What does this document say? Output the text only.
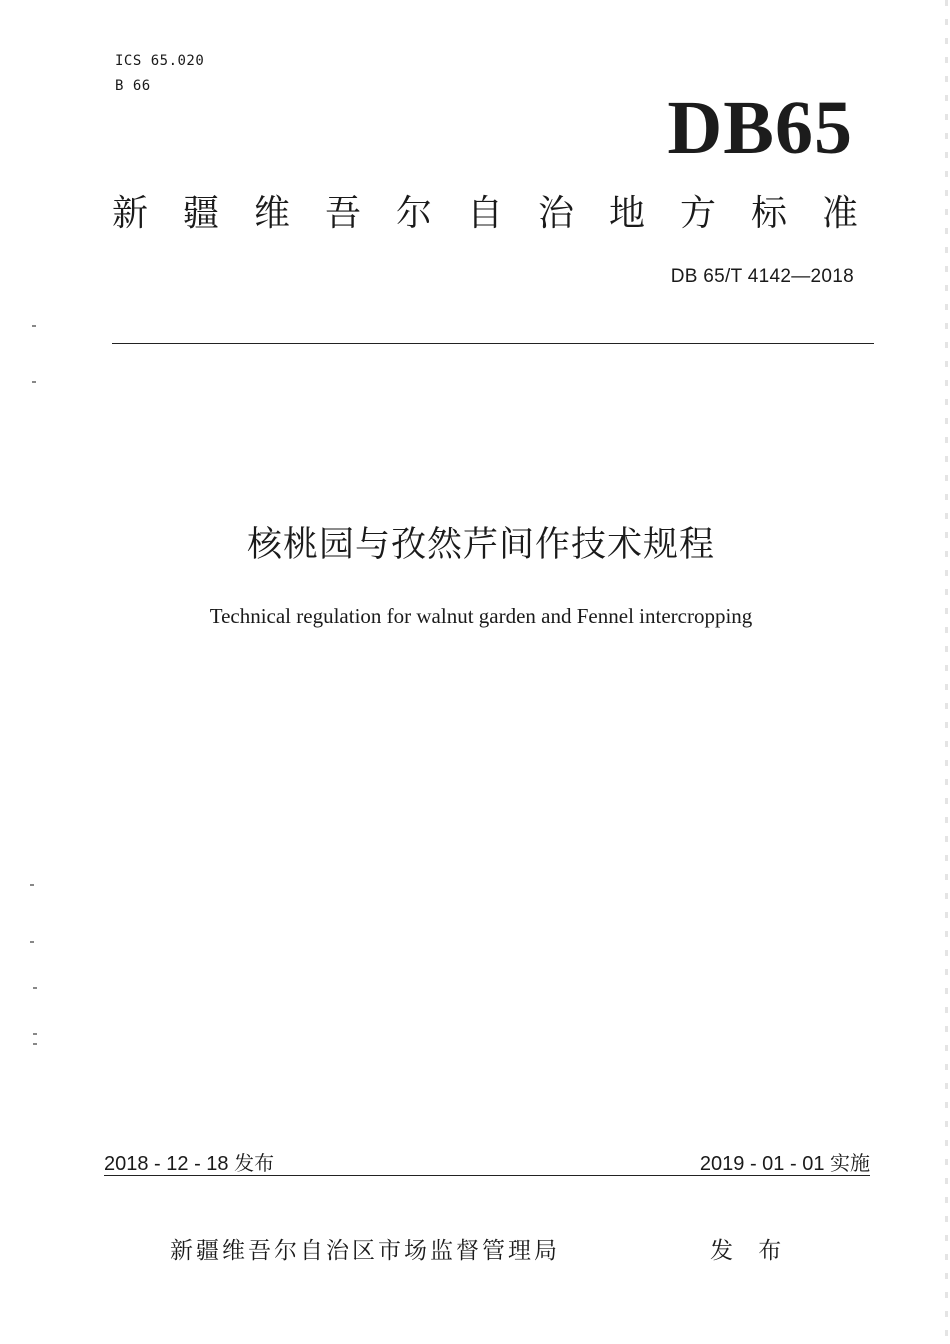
ICS 65.020
B 66	DB65
新疆维吾尔自治地方标准
DB 65/T 4142—2018
核桃园与孜然芹间作技术规程
Technical regulation for walnut garden and Fennel intercropping
2018 - 12 - 18 发布	2019 - 01 - 01 实施
新疆维吾尔自治区市场监督管理局	发 布
